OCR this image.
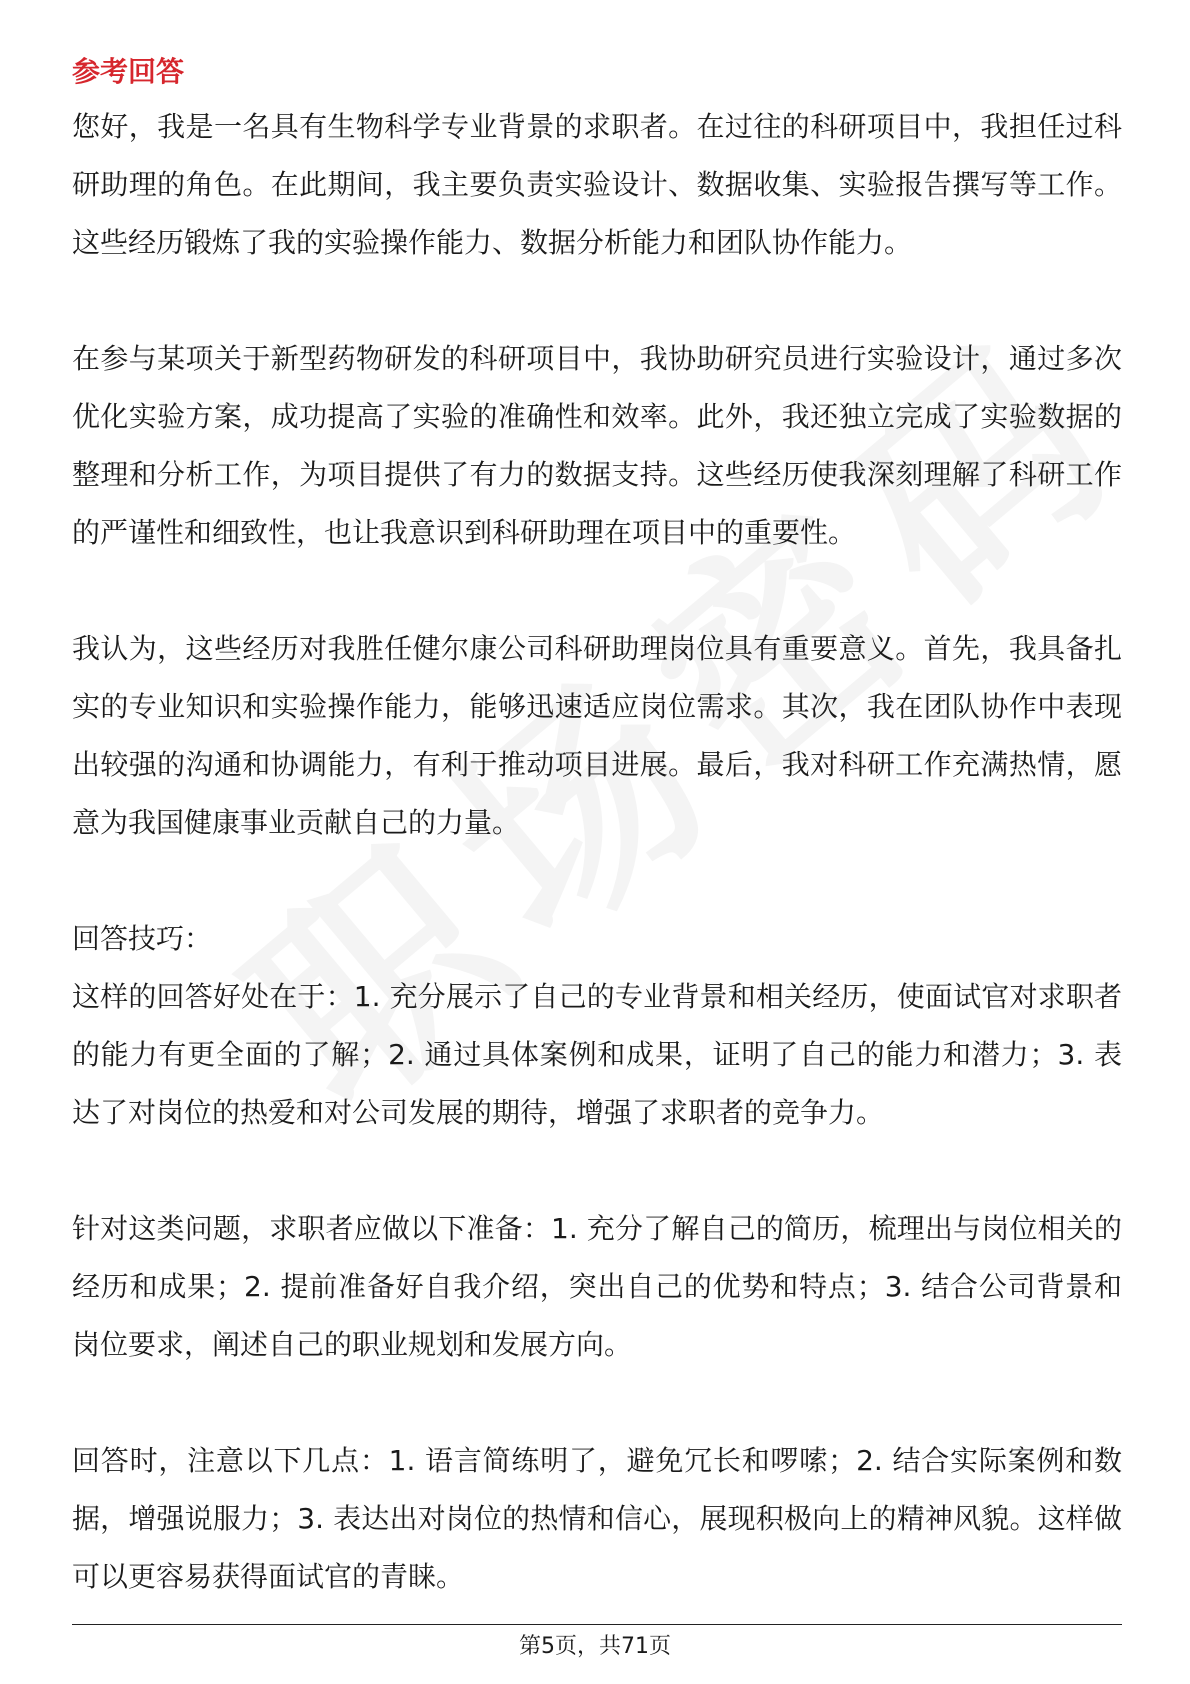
参考回答

您好，我是一名具有生物科学专业背景的求职者。在过往的科研项目中，我担任过科研助理的角色。在此期间，我主要负责实验设计、数据收集、实验报告撰写等工作。这些经历锻炼了我的实验操作能力、数据分析能力和团队协作能力。

在参与某项关于新型药物研发的科研项目中，我协助研究员进行实验设计，通过多次优化实验方案，成功提高了实验的准确性和效率。此外，我还独立完成了实验数据的整理和分析工作，为项目提供了有力的数据支持。这些经历使我深刻理解了科研工作的严谨性和细致性，也让我意识到科研助理在项目中的重要性。

我认为，这些经历对我胜任健尔康公司科研助理岗位具有重要意义。首先，我具备扎实的专业知识和实验操作能力，能够迅速适应岗位需求。其次，我在团队协作中表现出较强的沟通和协调能力，有利于推动项目进展。最后，我对科研工作充满热情，愿意为我国健康事业贡献自己的力量。

回答技巧：

这样的回答好处在于：1. 充分展示了自己的专业背景和相关经历，使面试官对求职者的能力有更全面的了解；2. 通过具体案例和成果，证明了自己的能力和潜力；3. 表达了对岗位的热爱和对公司发展的期待，增强了求职者的竞争力。

针对这类问题，求职者应做以下准备：1. 充分了解自己的简历，梳理出与岗位相关的经历和成果；2. 提前准备好自我介绍，突出自己的优势和特点；3. 结合公司背景和岗位要求，阐述自己的职业规划和发展方向。

回答时，注意以下几点：1. 语言简练明了，避免冗长和啰嗦；2. 结合实际案例和数据，增强说服力；3. 表达出对岗位的热情和信心，展现积极向上的精神风貌。这样做可以更容易获得面试官的青睐。

第5页，共71页
